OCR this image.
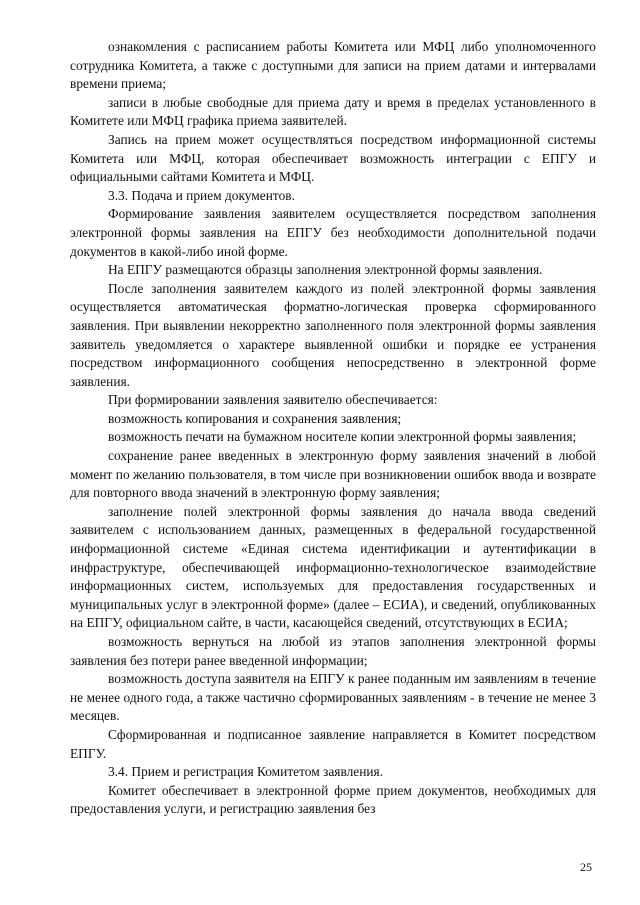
ознакомления с расписанием работы Комитета или МФЦ либо уполномоченного сотрудника Комитета, а также с доступными для записи на прием датами и интервалами времени приема;

записи в любые свободные для приема дату и время в пределах установленного в Комитете или МФЦ графика приема заявителей.

Запись на прием может осуществляться посредством информационной системы Комитета или МФЦ, которая обеспечивает возможность интеграции с ЕПГУ и официальными сайтами Комитета и МФЦ.

3.3. Подача и прием документов.

Формирование заявления заявителем осуществляется посредством заполнения электронной формы заявления на ЕПГУ без необходимости дополнительной подачи документов в какой-либо иной форме.

На ЕПГУ размещаются образцы заполнения электронной формы заявления.

После заполнения заявителем каждого из полей электронной формы заявления осуществляется автоматическая форматно-логическая проверка сформированного заявления. При выявлении некорректно заполненного поля электронной формы заявления заявитель уведомляется о характере выявленной ошибки и порядке ее устранения посредством информационного сообщения непосредственно в электронной форме заявления.

При формировании заявления заявителю обеспечивается:

возможность копирования и сохранения заявления;

возможность печати на бумажном носителе копии электронной формы заявления;

сохранение ранее введенных в электронную форму заявления значений в любой момент по желанию пользователя, в том числе при возникновении ошибок ввода и возврате для повторного ввода значений в электронную форму заявления;

заполнение полей электронной формы заявления до начала ввода сведений заявителем с использованием данных, размещенных в федеральной государственной информационной системе «Единая система идентификации и аутентификации в инфраструктуре, обеспечивающей информационно-технологическое взаимодействие информационных систем, используемых для предоставления государственных и муниципальных услуг в электронной форме» (далее – ЕСИА), и сведений, опубликованных на ЕПГУ, официальном сайте, в части, касающейся сведений, отсутствующих в ЕСИА;

возможность вернуться на любой из этапов заполнения электронной формы заявления без потери ранее введенной информации;

возможность доступа заявителя на ЕПГУ к ранее поданным им заявлениям в течение не менее одного года, а также частично сформированных заявлениям - в течение не менее 3 месяцев.

Сформированная и подписанное заявление направляется в Комитет посредством ЕПГУ.

3.4. Прием и регистрация Комитетом заявления.

Комитет обеспечивает в электронной форме прием документов, необходимых для предоставления услуги, и регистрацию заявления без

25
